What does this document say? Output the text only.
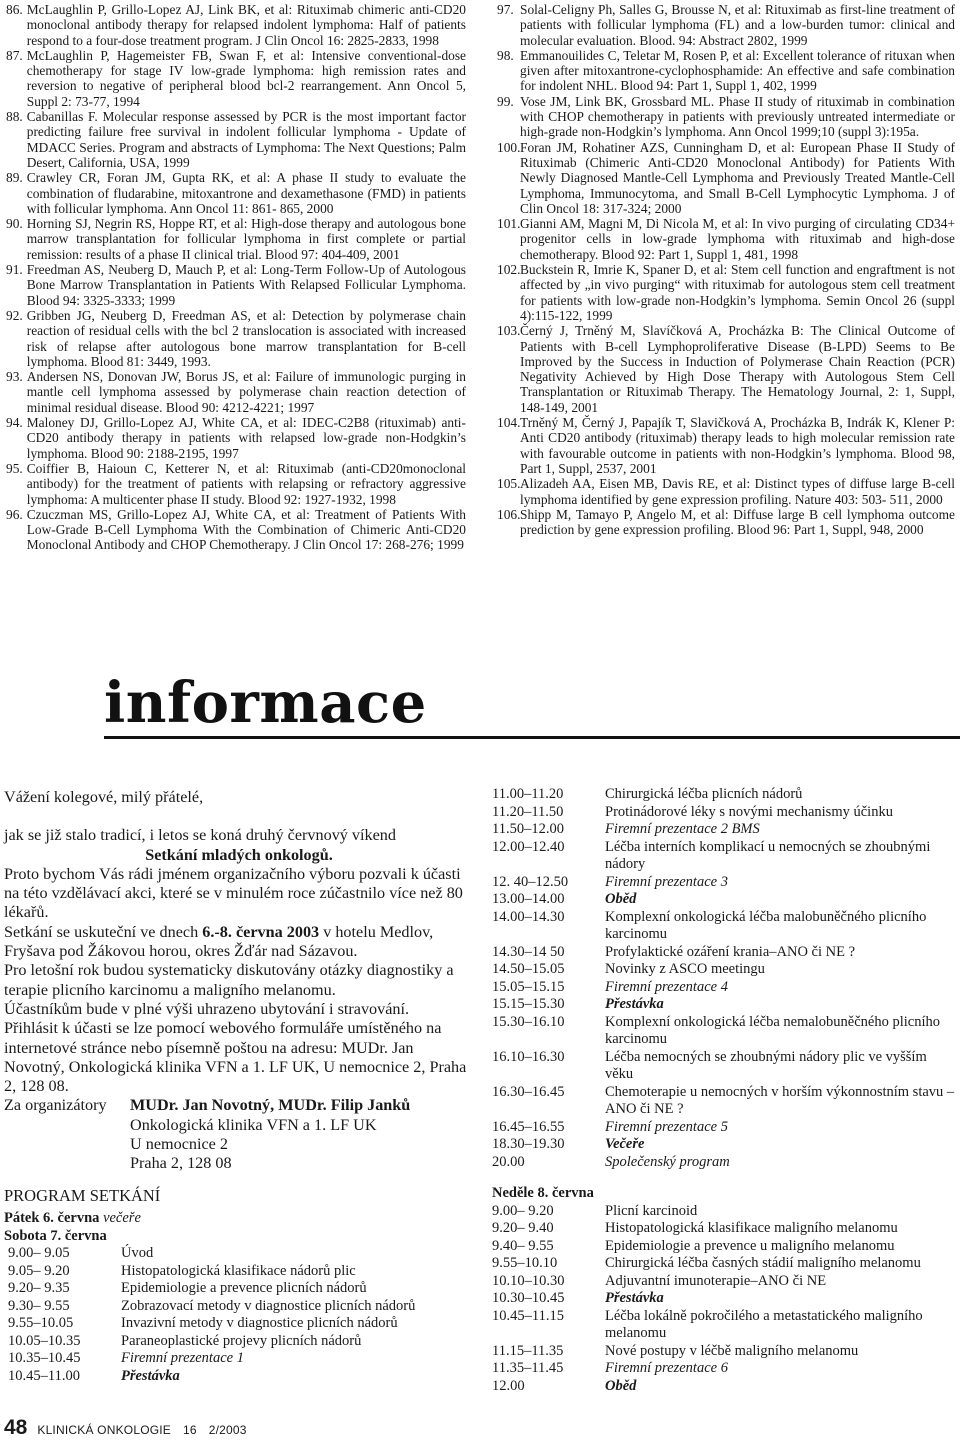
86. McLaughlin P, Grillo-Lopez AJ, Link BK, et al: Rituximab chimeric anti-CD20 monoclonal antibody therapy for relapsed indolent lymphoma: Half of patients respond to a four-dose treatment program. J Clin Oncol 16: 2825-2833, 1998
87. McLaughlin P, Hagemeister FB, Swan F, et al: Intensive conventional-dose chemotherapy for stage IV low-grade lymphoma: high remission rates and reversion to negative of peripheral blood bcl-2 rearrangement. Ann Oncol 5, Suppl 2: 73-77, 1994
88. Cabanillas F. Molecular response assessed by PCR is the most important factor predicting failure free survival in indolent follicular lymphoma - Update of MDACC Series. Program and abstracts of Lymphoma: The Next Questions; Palm Desert, California, USA, 1999
89. Crawley CR, Foran JM, Gupta RK, et al: A phase II study to evaluate the combination of fludarabine, mitoxantrone and dexamethasone (FMD) in patients with follicular lymphoma. Ann Oncol 11: 861- 865, 2000
90. Horning SJ, Negrin RS, Hoppe RT, et al: High-dose therapy and autologous bone marrow transplantation for follicular lymphoma in first complete or partial remission: results of a phase II clinical trial. Blood 97: 404-409, 2001
91. Freedman AS, Neuberg D, Mauch P, et al: Long-Term Follow-Up of Autologous Bone Marrow Transplantation in Patients With Relapsed Follicular Lymphoma. Blood 94: 3325-3333; 1999
92. Gribben JG, Neuberg D, Freedman AS, et al: Detection by polymerase chain reaction of residual cells with the bcl 2 translocation is associated with increased risk of relapse after autologous bone marrow transplantation for B-cell lymphoma. Blood 81: 3449, 1993.
93. Andersen NS, Donovan JW, Borus JS, et al: Failure of immunologic purging in mantle cell lymphoma assessed by polymerase chain reaction detection of minimal residual disease. Blood 90: 4212-4221; 1997
94. Maloney DJ, Grillo-Lopez AJ, White CA, et al: IDEC-C2B8 (rituximab) anti-CD20 antibody therapy in patients with relapsed low-grade non-Hodgkin’s lymphoma. Blood 90: 2188-2195, 1997
95. Coiffier B, Haioun C, Ketterer N, et al: Rituximab (anti-CD20monoclonal antibody) for the treatment of patients with relapsing or refractory aggressive lymphoma: A multicenter phase II study. Blood 92: 1927-1932, 1998
96. Czuczman MS, Grillo-Lopez AJ, White CA, et al: Treatment of Patients With Low-Grade B-Cell Lymphoma With the Combination of Chimeric Anti-CD20 Monoclonal Antibody and CHOP Chemotherapy. J Clin Oncol 17: 268-276; 1999
97. Solal-Celigny Ph, Salles G, Brousse N, et al: Rituximab as first-line treatment of patients with follicular lymphoma (FL) and a low-burden tumor: clinical and molecular evaluation. Blood. 94: Abstract 2802, 1999
98. Emmanouilides C, Teletar M, Rosen P, et al: Excellent tolerance of rituxan when given after mitoxantrone-cyclophosphamide: An effective and safe combination for indolent NHL. Blood 94: Part 1, Suppl 1, 402, 1999
99. Vose JM, Link BK, Grossbard ML. Phase II study of rituximab in combination with CHOP chemotherapy in patients with previously untreated intermediate or high-grade non-Hodgkin’s lymphoma. Ann Oncol 1999;10 (suppl 3):195a.
100. Foran JM, Rohatiner AZS, Cunningham D, et al: European Phase II Study of Rituximab (Chimeric Anti-CD20 Monoclonal Antibody) for Patients With Newly Diagnosed Mantle-Cell Lymphoma and Previously Treated Mantle-Cell Lymphoma, Immunocytoma, and Small B-Cell Lymphocytic Lymphoma. J of Clin Oncol 18: 317-324; 2000
101. Gianni AM, Magni M, Di Nicola M, et al: In vivo purging of circulating CD34+ progenitor cells in low-grade lymphoma with rituximab and high-dose chemotherapy. Blood 92: Part 1, Suppl 1, 481, 1998
102. Buckstein R, Imrie K, Spaner D, et al: Stem cell function and engraftment is not affected by „in vivo purging“ with rituximab for autologous stem cell treatment for patients with low-grade non-Hodgkin’s lymphoma. Semin Oncol 26 (suppl 4):115-122, 1999
103. Černý J, Trněný M, Slavíčková A, Procházka B: The Clinical Outcome of Patients with B-cell Lymphoproliferative Disease (B-LPD) Seems to Be Improved by the Success in Induction of Polymerase Chain Reaction (PCR) Negativity Achieved by High Dose Therapy with Autologous Stem Cell Transplantation or Rituximab Therapy. The Hematology Journal, 2: 1, Suppl, 148-149, 2001
104. Trněný M, Černý J, Papajík T, Slavičková A, Procházka B, Indrák K, Klener P: Anti CD20 antibody (rituximab) therapy leads to high molecular remission rate with favourable outcome in patients with non-Hodgkin’s lymphoma. Blood 98, Part 1, Suppl, 2537, 2001
105. Alizadeh AA, Eisen MB, Davis RE, et al: Distinct types of diffuse large B-cell lymphoma identified by gene expression profiling. Nature 403: 503- 511, 2000
106. Shipp M, Tamayo P, Angelo M, et al: Diffuse large B cell lymphoma outcome prediction by gene expression profiling. Blood 96: Part 1, Suppl, 948, 2000
informace

Vážení kolegové, milý přátelé,

jak se již stalo tradicí, i letos se koná druhý červnový víkend

Setkání mladých onkologů.

Proto bychom Vás rádi jménem organizačního výboru pozvali k účasti na této vzdělávací akci, které se v minulém roce zúčastnilo více než 80 lékařů.

Setkání se uskuteční ve dnech 6.-8. června 2003 v hotelu Medlov, Fryšava pod Žákovou horou, okres Žďár nad Sázavou.

Pro letošní rok budou systematicky diskutovány otázky diagnostiky a terapie plicního karcinomu a maligního melanomu.

Účastníkům bude v plné výši uhrazeno ubytování i stravování.

Přihlásit k účasti se lze pomocí webového formuláře umístěného na internetové stránce nebo písemně poštou na adresu: MUDr. Jan Novotný, Onkologická klinika VFN a 1. LF UK, U nemocnice 2, Praha 2, 128 08.

Za organizátory	MUDr. Jan Novotný, MUDr. Filip Janků
Onkologická klinika VFN a 1. LF UK
U nemocnice 2
Praha 2, 128 08
PROGRAM SETKÁNÍ
Pátek 6. června večeře
Sobota 7. června
9.00– 9.05	Úvod
9.05– 9.20	Histopatologická klasifikace nádorů plic
9.20– 9.35	Epidemiologie a prevence plicních nádorů
9.30– 9.55	Zobrazovací metody v diagnostice plicních nádorů
9.55–10.05	Invazivní metody v diagnostice plicních nádorů
10.05–10.35	Paraneoplastické projevy plicních nádorů
10.35–10.45	Firemní prezentace 1
10.45–11.00	Přestávka
11.00–11.20	Chirurgická léčba plicních nádorů
11.20–11.50	Protinádorové léky s novými mechanismy účinku
11.50–12.00	Firemní prezentace 2 BMS
12.00–12.40	Léčba interních komplikací u nemocných se zhoubnými nádory
12. 40–12.50	Firemní prezentace 3
13.00–14.00	Oběd
14.00–14.30	Komplexní onkologická léčba malobuněčného plicního karcinomu
14.30–14 50	Profylaktické ozáření krania–ANO či NE ?
14.50–15.05	Novinky z ASCO meetingu
15.05–15.15	Firemní prezentace 4
15.15–15.30	Přestávka
15.30–16.10	Komplexní onkologická léčba nemalobuněčného plicního karcinomu
16.10–16.30	Léčba nemocných se zhoubnými nádory plic ve vyšším věku
16.30–16.45	Chemoterapie u nemocných v horším výkonnostním stavu – ANO či NE ?
16.45–16.55	Firemní prezentace 5
18.30–19.30	Večeře
20.00	Společenský program
Neděle 8. června
9.00– 9.20	Plicní karcinoid
9.20– 9.40	Histopatologická klasifikace maligního melanomu
9.40– 9.55	Epidemiologie a prevence u maligního melanomu
9.55–10.10	Chirurgická léčba časných stádií maligního melanomu
10.10–10.30	Adjuvantní imunoterapie–ANO či NE
10.30–10.45	Přestávka
10.45–11.15	Léčba lokálně pokročilého a metastatického maligního melanomu
11.15–11.35	Nové postupy v léčbě maligního melanomu
11.35–11.45	Firemní prezentace 6
12.00	Oběd
48 KLINICKÁ ONKOLOGIE 16 2/2003
